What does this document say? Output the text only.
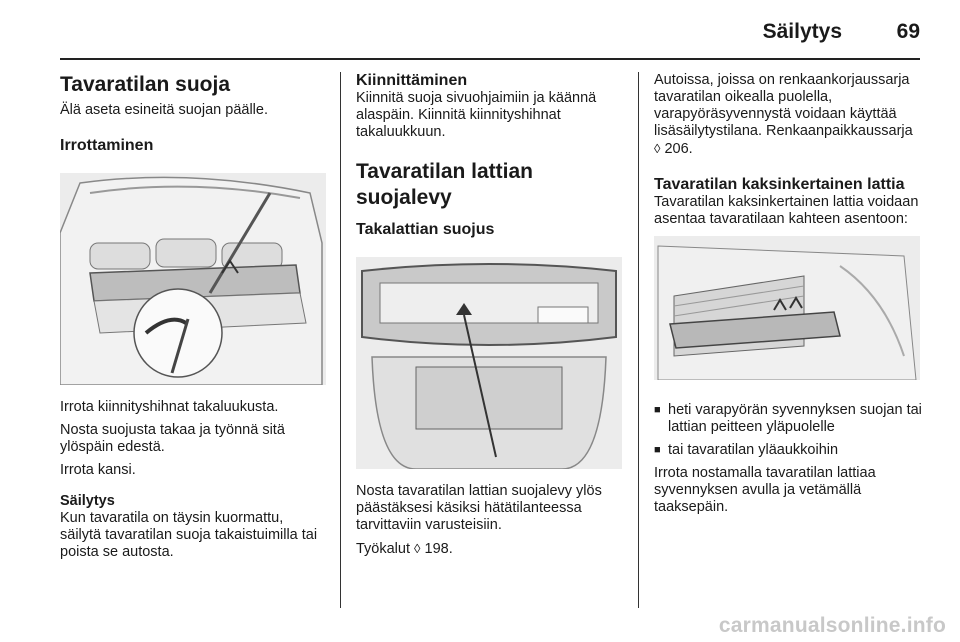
Säilytys	69
Tavaratilan suoja
Älä aseta esineitä suojan päälle.
Irrottaminen
Irrota kiinnityshihnat takaluukusta.
Nosta suojusta takaa ja työnnä sitä ylöspäin edestä.
Irrota kansi.
Säilytys
Kun tavaratila on täysin kuormattu, säilytä tavaratilan suoja takaistuimilla tai poista se autosta.
Kiinnittäminen
Kiinnitä suoja sivuohjaimiin ja käännä alaspäin. Kiinnitä kiinnityshihnat takaluukkuun.
Tavaratilan lattian suojalevy
Takalattian suojus
Nosta tavaratilan lattian suojalevy ylös päästäksesi käsiksi hätätilanteessa tarvittaviin varusteisiin.
Työkalut ◊ 198.
Autoissa, joissa on renkaankorjaussarja tavaratilan oikealla puolella, varapyöräsyvennystä voidaan käyttää lisäsäilytystilana. Renkaanpaikkaussarja ◊ 206.
Tavaratilan kaksinkertainen lattia
Tavaratilan kaksinkertainen lattia voidaan asentaa tavaratilaan kahteen asentoon:
■ heti varapyörän syvennyksen suojan tai lattian peitteen yläpuolelle
■ tai tavaratilan yläaukkoihin
Irrota nostamalla tavaratilan lattiaa syvennyksen avulla ja vetämällä taaksepäin.
carmanualsonline.info
